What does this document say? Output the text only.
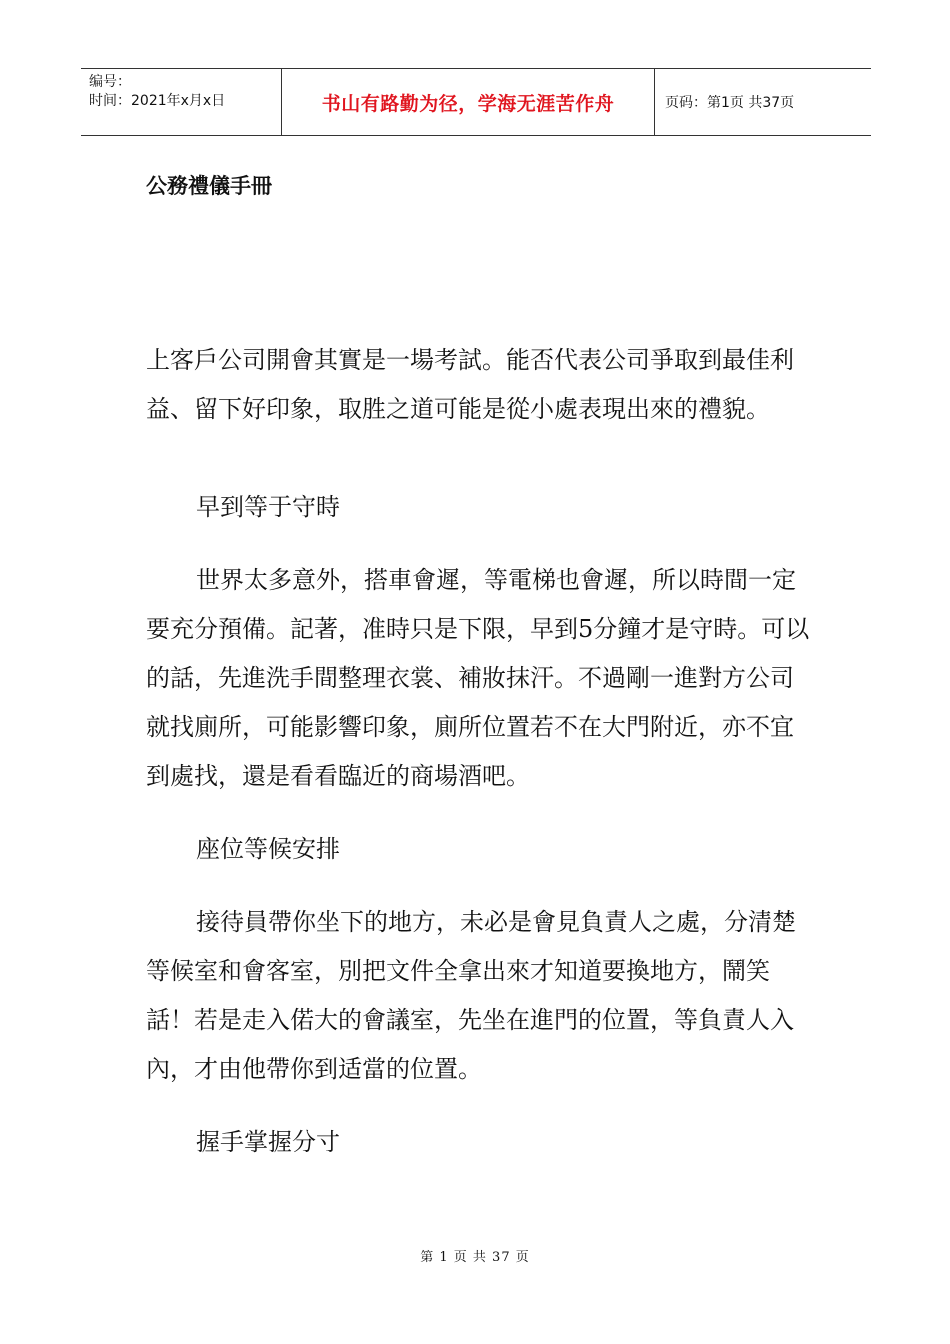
编号：
时间：2021年x月x日	书山有路勤为径，学海无涯苦作舟	页码：第1页 共37页
公務禮儀手冊

上客戶公司開會其實是一場考試。能否代表公司爭取到最佳利益、留下好印象，取胜之道可能是從小處表現出來的禮貌。

早到等于守時

世界太多意外，搭車會遲，等電梯也會遲，所以時間一定要充分預備。記著，准時只是下限，早到5分鐘才是守時。可以的話，先進洗手間整理衣裳、補妝抹汗。不過剛一進對方公司就找廁所，可能影響印象，廁所位置若不在大門附近，亦不宜到處找，還是看看臨近的商場酒吧。

座位等候安排

接待員帶你坐下的地方，未必是會見負責人之處，分清楚等候室和會客室，別把文件全拿出來才知道要換地方，鬧笑話！若是走入偌大的會議室，先坐在進門的位置，等負責人入內，才由他帶你到适當的位置。

握手掌握分寸

第 1 页 共 37 页
